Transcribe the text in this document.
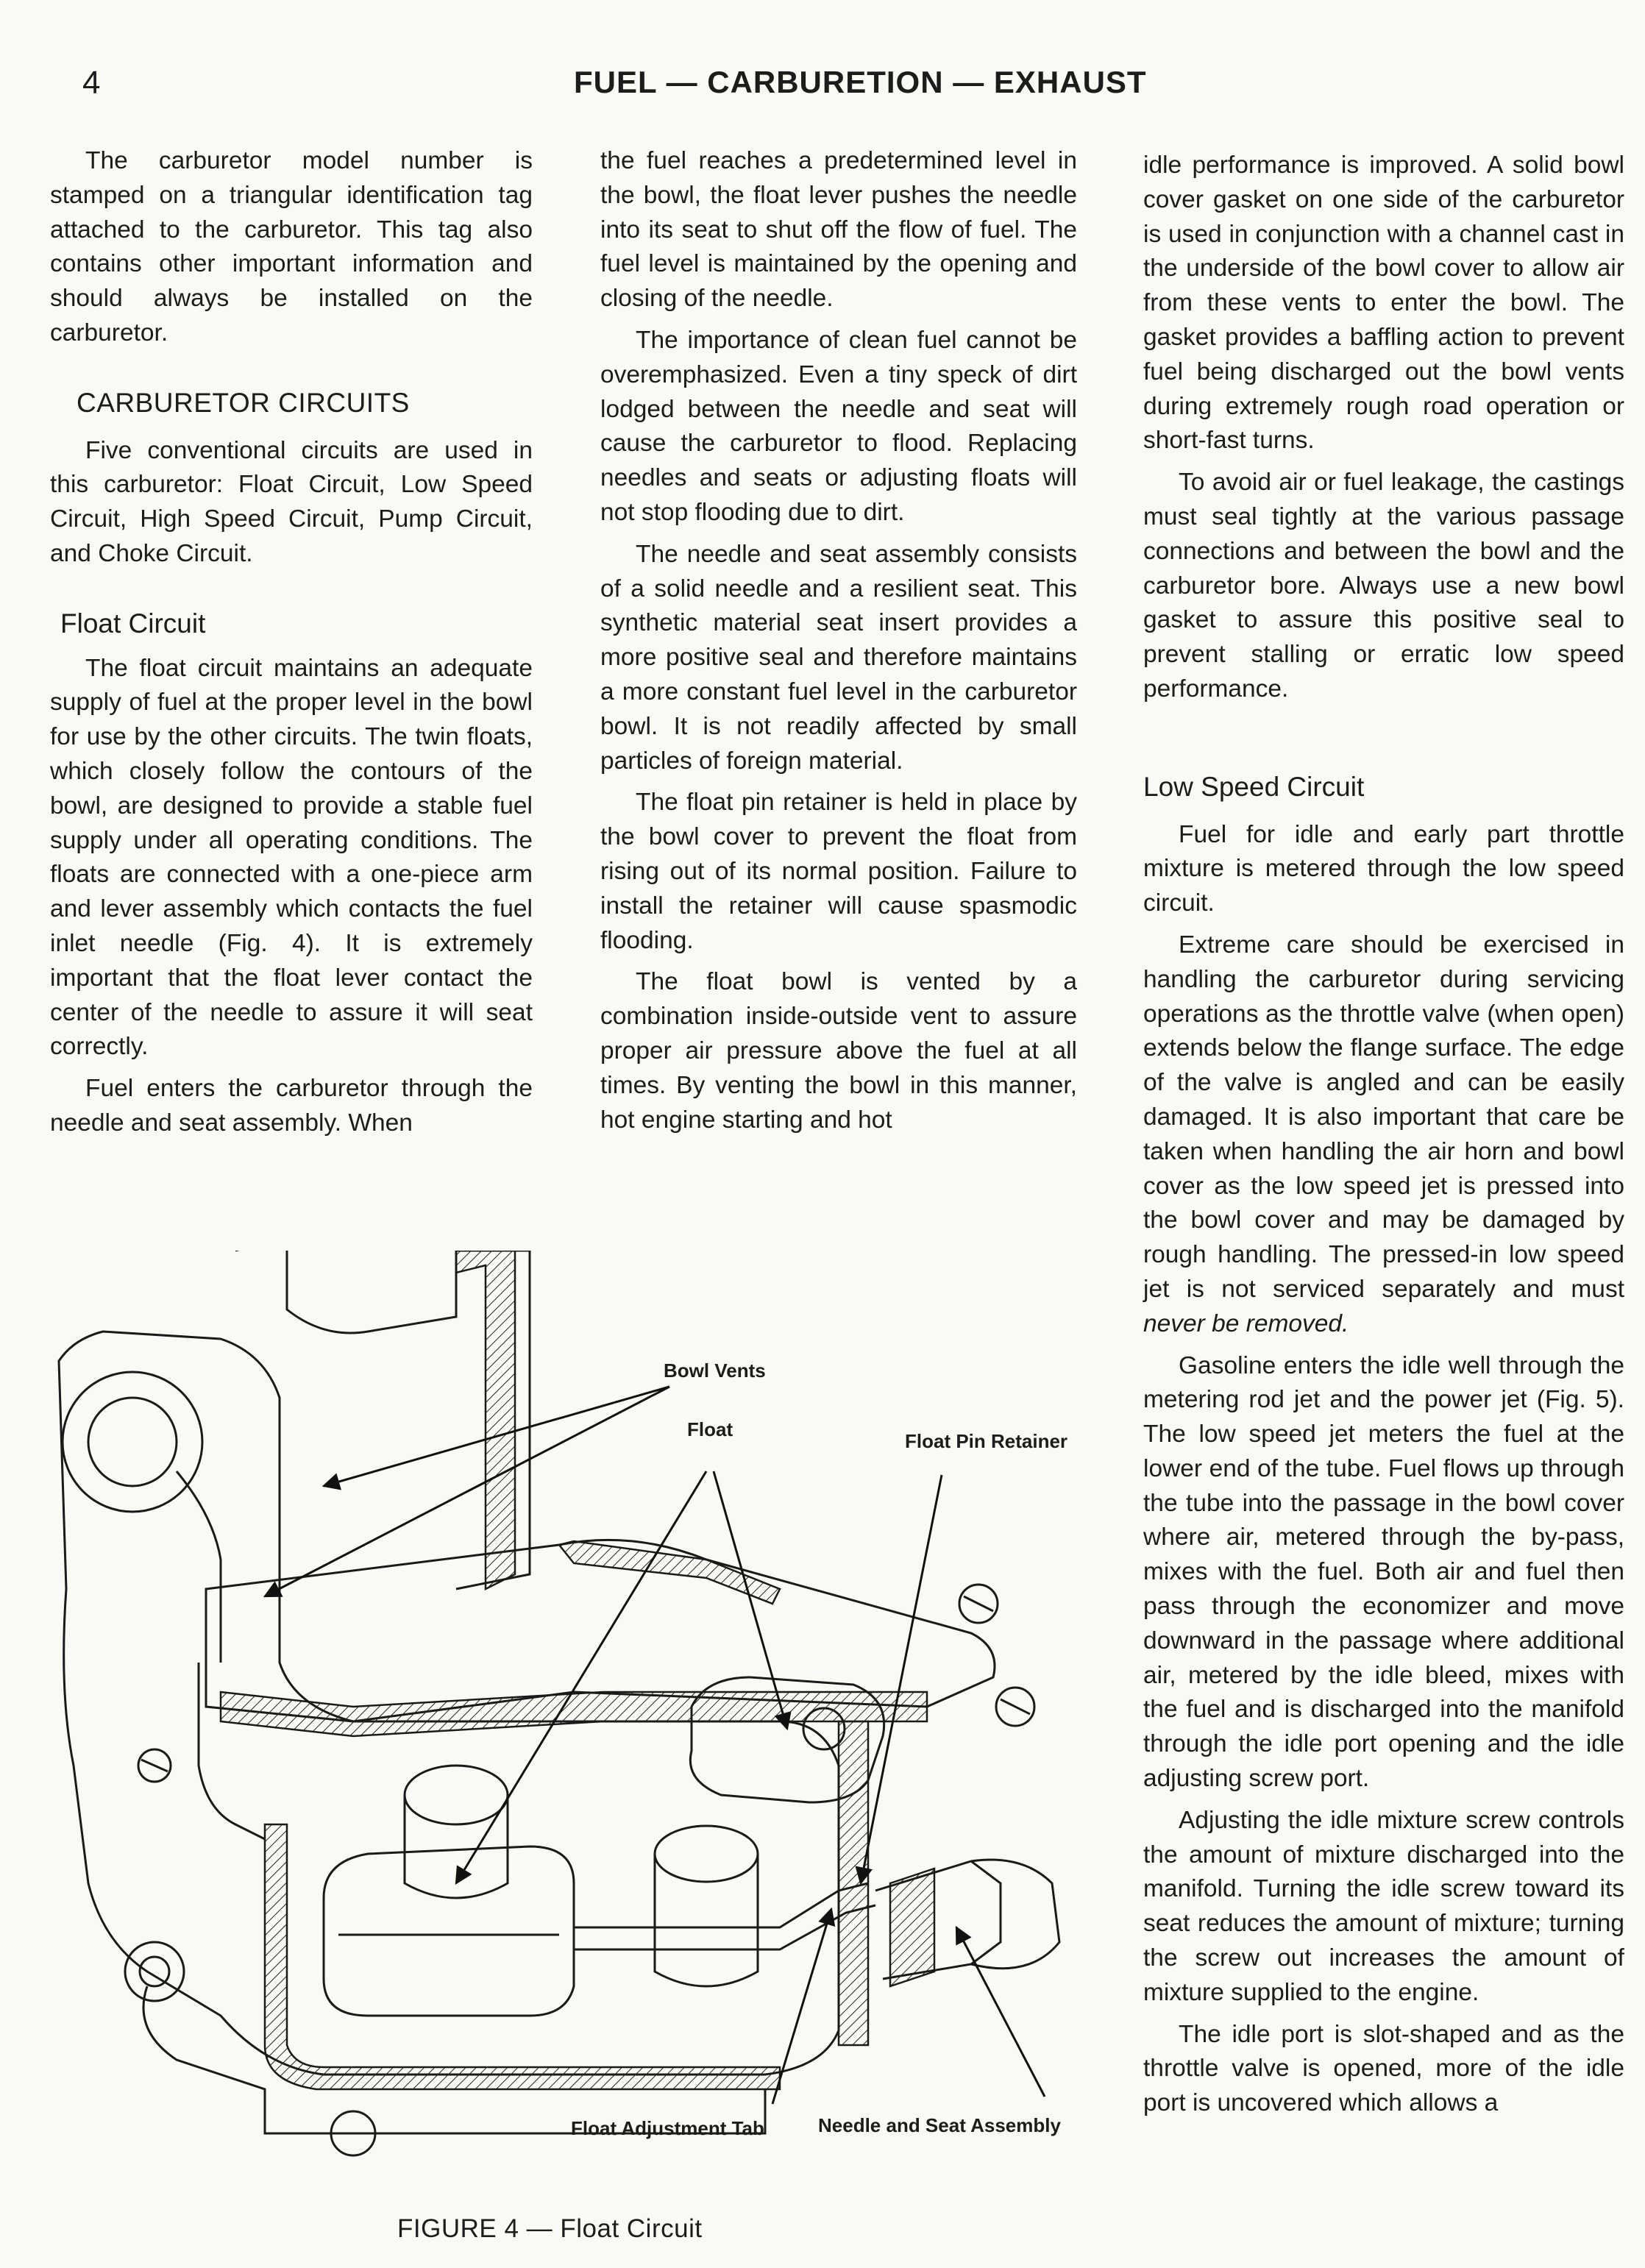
4	FUEL — CARBURETION — EXHAUST

The carburetor model number is stamped on a triangular identification tag attached to the carburetor. This tag also contains other important information and should always be installed on the carburetor.

CARBURETOR CIRCUITS

Five conventional circuits are used in this carburetor: Float Circuit, Low Speed Circuit, High Speed Circuit, Pump Circuit, and Choke Circuit.

Float Circuit

The float circuit maintains an adequate supply of fuel at the proper level in the bowl for use by the other circuits. The twin floats, which closely follow the contours of the bowl, are designed to provide a stable fuel supply under all operating conditions. The floats are connected with a one-piece arm and lever assembly which contacts the fuel inlet needle (Fig. 4). It is extremely important that the float lever contact the center of the needle to assure it will seat correctly.

Fuel enters the carburetor through the needle and seat assembly. When

the fuel reaches a predetermined level in the bowl, the float lever pushes the needle into its seat to shut off the flow of fuel. The fuel level is maintained by the opening and closing of the needle.

The importance of clean fuel cannot be overemphasized. Even a tiny speck of dirt lodged between the needle and seat will cause the carburetor to flood. Replacing needles and seats or adjusting floats will not stop flooding due to dirt.

The needle and seat assembly consists of a solid needle and a resilient seat. This synthetic material seat insert provides a more positive seal and therefore maintains a more constant fuel level in the carburetor bowl. It is not readily affected by small particles of foreign material.

The float pin retainer is held in place by the bowl cover to prevent the float from rising out of its normal position. Failure to install the retainer will cause spasmodic flooding.

The float bowl is vented by a combination inside-outside vent to assure proper air pressure above the fuel at all times. By venting the bowl in this manner, hot engine starting and hot

idle performance is improved. A solid bowl cover gasket on one side of the carburetor is used in conjunction with a channel cast in the underside of the bowl cover to allow air from these vents to enter the bowl. The gasket provides a baffling action to prevent fuel being discharged out the bowl vents during extremely rough road operation or short-fast turns.

To avoid air or fuel leakage, the castings must seal tightly at the various passage connections and between the bowl and the carburetor bore. Always use a new bowl gasket to assure this positive seal to prevent stalling or erratic low speed performance.

Low Speed Circuit

Fuel for idle and early part throttle mixture is metered through the low speed circuit.

Extreme care should be exercised in handling the carburetor during servicing operations as the throttle valve (when open) extends below the flange surface. The edge of the valve is angled and can be easily damaged. It is also important that care be taken when handling the air horn and bowl cover as the low speed jet is pressed into the bowl cover and may be damaged by rough handling. The pressed-in low speed jet is not serviced separately and must never be removed.

Gasoline enters the idle well through the metering rod jet and the power jet (Fig. 5). The low speed jet meters the fuel at the lower end of the tube. Fuel flows up through the tube into the passage in the bowl cover where air, metered through the by-pass, mixes with the fuel. Both air and fuel then pass through the economizer and move downward in the passage where additional air, metered by the idle bleed, mixes with the fuel and is discharged into the manifold through the idle port opening and the idle adjusting screw port.

Adjusting the idle mixture screw controls the amount of mixture discharged into the manifold. Turning the idle screw toward its seat reduces the amount of mixture; turning the screw out increases the amount of mixture supplied to the engine.

The idle port is slot-shaped and as the throttle valve is opened, more of the idle port is uncovered which allows a

Bowl Vents
Float
Float Pin Retainer
Float Adjustment Tab	Needle and Seat Assembly
FIGURE 4 — Float Circuit
